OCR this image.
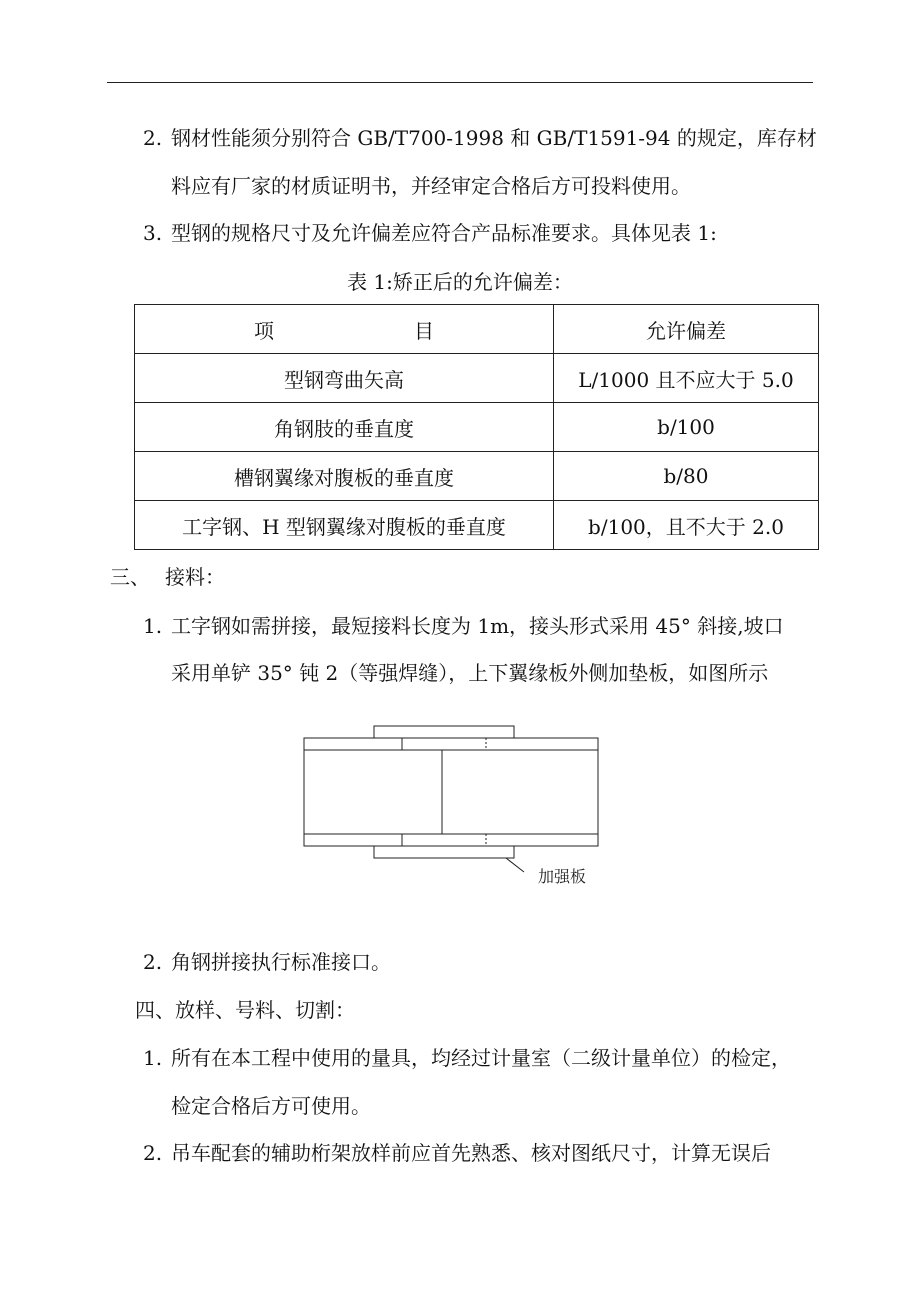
2. 钢材性能须分别符合 GB/T700-1998 和 GB/T1591-94 的规定，库存材
料应有厂家的材质证明书，并经审定合格后方可投料使用。
3. 型钢的规格尺寸及允许偏差应符合产品标准要求。具体见表 1:
表 1:矫正后的允许偏差：
项目	允许偏差
型钢弯曲矢高	L/1000 且不应大于 5.0
角钢肢的垂直度	b/100
槽钢翼缘对腹板的垂直度	b/80
工字钢、H 型钢翼缘对腹板的垂直度	b/100，且不大于 2.0
三、 接料：
1. 工字钢如需拼接，最短接料长度为 1m，接头形式采用 45° 斜接,坡口
采用单铲 35° 钝 2（等强焊缝），上下翼缘板外侧加垫板，如图所示
加强板
2. 角钢拼接执行标准接口。
四、放样、号料、切割：
1. 所有在本工程中使用的量具，均经过计量室（二级计量单位）的检定，
检定合格后方可使用。
2. 吊车配套的辅助桁架放样前应首先熟悉、核对图纸尺寸，计算无误后
